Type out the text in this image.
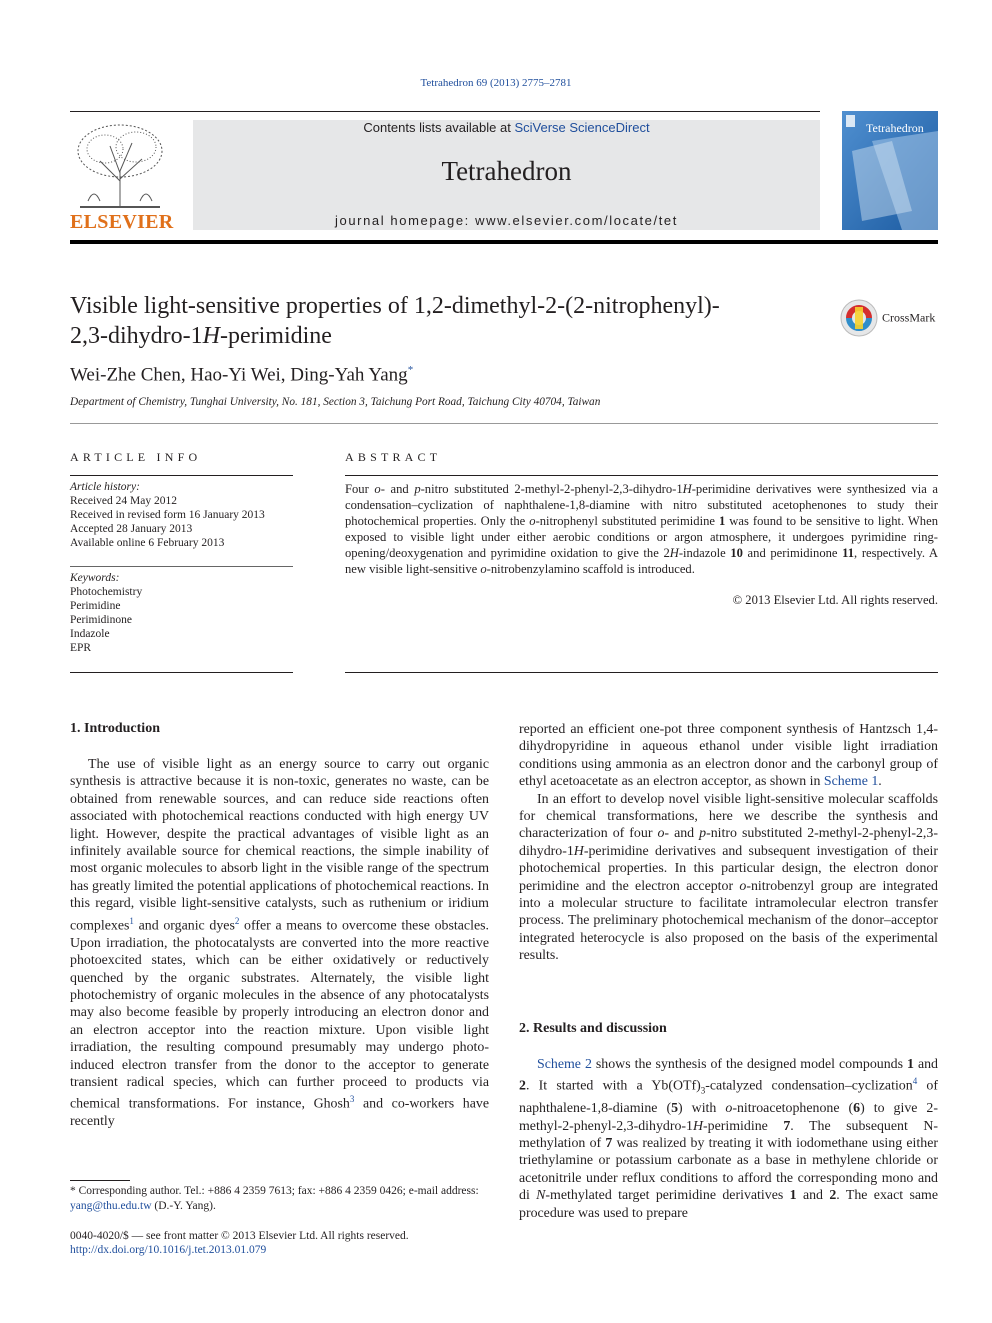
Tetrahedron 69 (2013) 2775–2781
ELSEVIER
Contents lists available at SciVerse ScienceDirect
Tetrahedron
journal homepage: www.elsevier.com/locate/tet
Tetrahedron
Visible light-sensitive properties of 1,2-dimethyl-2-(2-nitrophenyl)-
2,3-dihydro-1H-perimidine
CrossMark
Wei-Zhe Chen, Hao-Yi Wei, Ding-Yah Yang*
Department of Chemistry, Tunghai University, No. 181, Section 3, Taichung Port Road, Taichung City 40704, Taiwan
ARTICLE INFO
Article history:
Received 24 May 2012
Received in revised form 16 January 2013
Accepted 28 January 2013
Available online 6 February 2013
Keywords:
Photochemistry
Perimidine
Perimidinone
Indazole
EPR
ABSTRACT
Four o- and p-nitro substituted 2-methyl-2-phenyl-2,3-dihydro-1H-perimidine derivatives were synthesized via a condensation–cyclization of naphthalene-1,8-diamine with nitro substituted acetophenones to study their photochemical properties. Only the o-nitrophenyl substituted perimidine 1 was found to be sensitive to light. When exposed to visible light under either aerobic conditions or argon atmosphere, it undergoes pyrimidine ring-opening/deoxygenation and pyrimidine oxidation to give the 2H-indazole 10 and perimidinone 11, respectively. A new visible light-sensitive o-nitrobenzylamino scaffold is introduced.
© 2013 Elsevier Ltd. All rights reserved.
1. Introduction

The use of visible light as an energy source to carry out organic synthesis is attractive because it is non-toxic, generates no waste, can be obtained from renewable sources, and can reduce side reactions often associated with photochemical reactions conducted with high energy UV light. However, despite the practical advantages of visible light as an infinitely available source for chemical reactions, the simple inability of most organic molecules to absorb light in the visible range of the spectrum has greatly limited the potential applications of photochemical reactions. In this regard, visible light-sensitive catalysts, such as ruthenium or iridium complexes$^1$ and organic dyes$^2$ offer a means to overcome these obstacles. Upon irradiation, the photocatalysts are converted into the more reactive photoexcited states, which can be either oxidatively or reductively quenched by the organic substrates. Alternately, the visible light photochemistry of organic molecules in the absence of any photocatalysts may also become feasible by properly introducing an electron donor and an electron acceptor into the reaction mixture. Upon visible light irradiation, the resulting compound presumably may undergo photo-induced electron transfer from the donor to the acceptor to generate transient radical species, which can further proceed to products via chemical transformations. For instance, Ghosh$^3$ and co-workers have recently

* Corresponding author. Tel.: +886 4 2359 7613; fax: +886 4 2359 0426; e-mail address: yang@thu.edu.tw (D.-Y. Yang).
0040-4020/$ — see front matter © 2013 Elsevier Ltd. All rights reserved.
http://dx.doi.org/10.1016/j.tet.2013.01.079

reported an efficient one-pot three component synthesis of Hantzsch 1,4-dihydropyridine in aqueous ethanol under visible light irradiation conditions using ammonia as an electron donor and the carbonyl group of ethyl acetoacetate as an electron acceptor, as shown in Scheme 1.

In an effort to develop novel visible light-sensitive molecular scaffolds for chemical transformations, here we describe the synthesis and characterization of four o- and p-nitro substituted 2-methyl-2-phenyl-2,3-dihydro-1H-perimidine derivatives and subsequent investigation of their photochemical properties. In this particular design, the electron donor perimidine and the electron acceptor o-nitrobenzyl group are integrated into a molecular structure to facilitate intramolecular electron transfer process. The preliminary photochemical mechanism of the donor–acceptor integrated heterocycle is also proposed on the basis of the experimental results.

2. Results and discussion

Scheme 2 shows the synthesis of the designed model compounds 1 and 2. It started with a $Yb(OTf)_3$-catalyzed condensation–cyclization$^4$ of naphthalene-1,8-diamine (5) with o-nitroacetophenone (6) to give 2-methyl-2-phenyl-2,3-dihydro-1H-perimidine 7. The subsequent N-methylation of 7 was realized by treating it with iodomethane using either triethylamine or potassium carbonate as a base in methylene chloride or acetonitrile under reflux conditions to afford the corresponding mono and di N-methylated target perimidine derivatives 1 and 2. The exact same procedure was used to prepare
